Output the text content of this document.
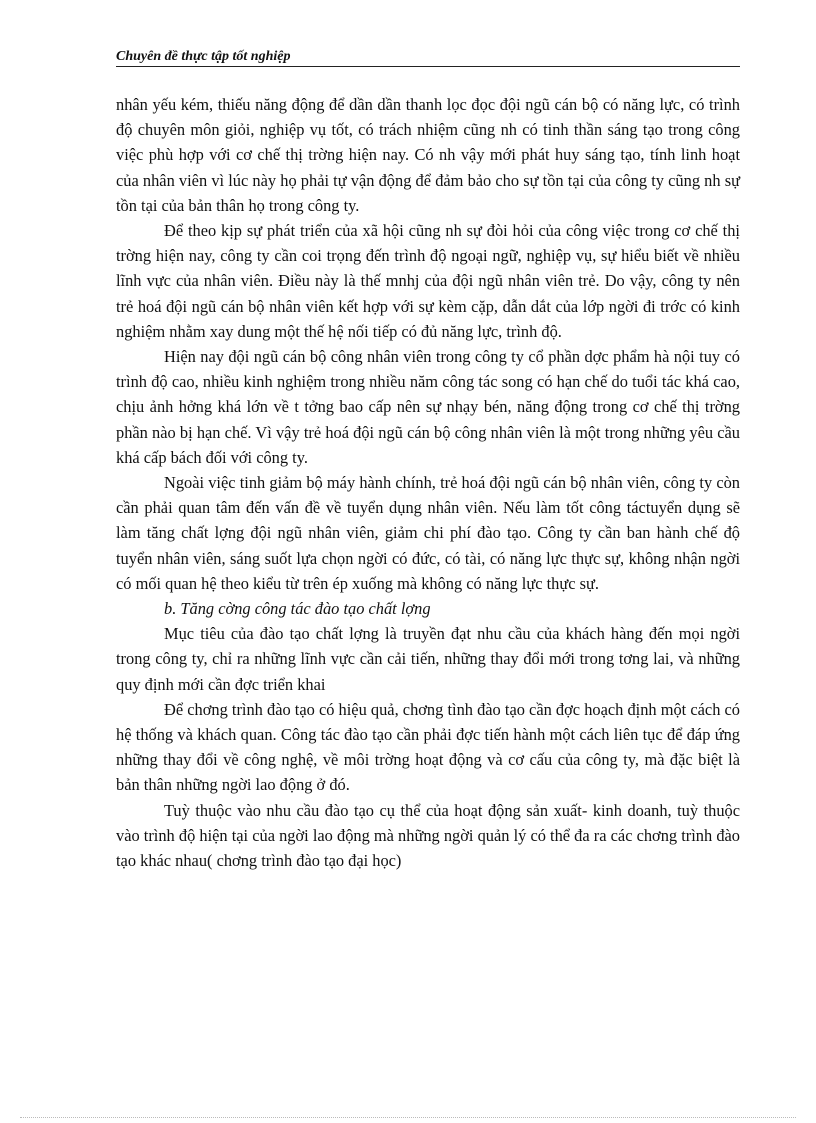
Chuyên đề thực tập tốt nghiệp

nhân yếu kém, thiếu năng động để dần dần thanh lọc đọc đội ngũ cán bộ có năng lực, có trình độ chuyên môn giỏi, nghiệp vụ tốt, có trách nhiệm cũng nh có tinh thần sáng tạo trong công việc phù hợp với cơ chế thị trờng hiện nay. Có nh vậy mới phát huy sáng tạo, tính linh hoạt của nhân viên vì lúc này họ phải tự vận động để đảm bảo cho sự tồn tại của công ty cũng nh sự tồn tại của bản thân họ trong công ty.

Để theo kịp sự phát triển của xã hội cũng nh sự đòi hỏi của công việc trong cơ chế thị trờng hiện nay, công ty cần coi trọng đến trình độ ngoại ngữ, nghiệp vụ, sự hiểu biết về nhiều lĩnh vực của nhân viên. Điều này là thế mnhj của đội ngũ nhân viên trẻ. Do vậy, công ty nên trẻ hoá đội ngũ cán bộ nhân viên kết hợp với sự kèm cặp, dẫn dắt của lớp ngời đi trớc có kinh nghiệm nhằm xay dung một thế hệ nối tiếp có đủ năng lực, trình độ.

Hiện nay đội ngũ cán bộ công nhân viên trong công ty cổ phần dợc phẩm hà nội tuy có trình độ cao, nhiều kinh nghiệm trong nhiều năm công tác song có hạn chế do tuổi tác khá cao, chịu ảnh hởng khá lớn về t tởng bao cấp nên sự nhạy bén, năng động trong cơ chế thị trờng phần nào bị hạn chế. Vì vậy trẻ hoá đội ngũ cán bộ công nhân viên là một trong những yêu cầu khá cấp bách đối với công ty.

Ngoài việc tinh giảm bộ máy hành chính, trẻ hoá đội ngũ cán bộ nhân viên, công ty còn cần phải quan tâm đến vấn đề về tuyển dụng nhân viên. Nếu làm tốt công táctuyển dụng sẽ làm tăng chất lợng đội ngũ nhân viên, giảm chi phí đào tạo. Công ty cần ban hành chế độ tuyển nhân viên, sáng suốt lựa chọn ngời có đức, có tài, có năng lực thực sự, không nhận ngời có mối quan hệ theo kiểu từ trên ép xuống mà không có năng lực thực sự.

b. Tăng cờng công tác đào tạo chất lợng

Mục tiêu của đào tạo chất lợng là truyền đạt nhu cầu của khách hàng đến mọi ngời trong công ty, chỉ ra những lĩnh vực cần cải tiến, những thay đổi mới trong tơng lai, và những quy định mới cần đợc triển khai

Để chơng trình đào tạo có hiệu quả, chơng tình đào tạo cần đợc hoạch định một cách có hệ thống và khách quan. Công tác đào tạo cần phải đợc tiến hành một cách liên tục để đáp ứng những thay đổi về công nghệ, về môi trờng hoạt động và cơ cấu của công ty, mà đặc biệt là bản thân những ngời lao động ở đó.

Tuỳ thuộc vào nhu cầu đào tạo cụ thể của hoạt động sản xuất- kinh doanh, tuỳ thuộc vào trình độ hiện tại của ngời lao động mà những ngời quản lý có thể đa ra các chơng trình đào tạo khác nhau( chơng trình đào tạo đại học)
